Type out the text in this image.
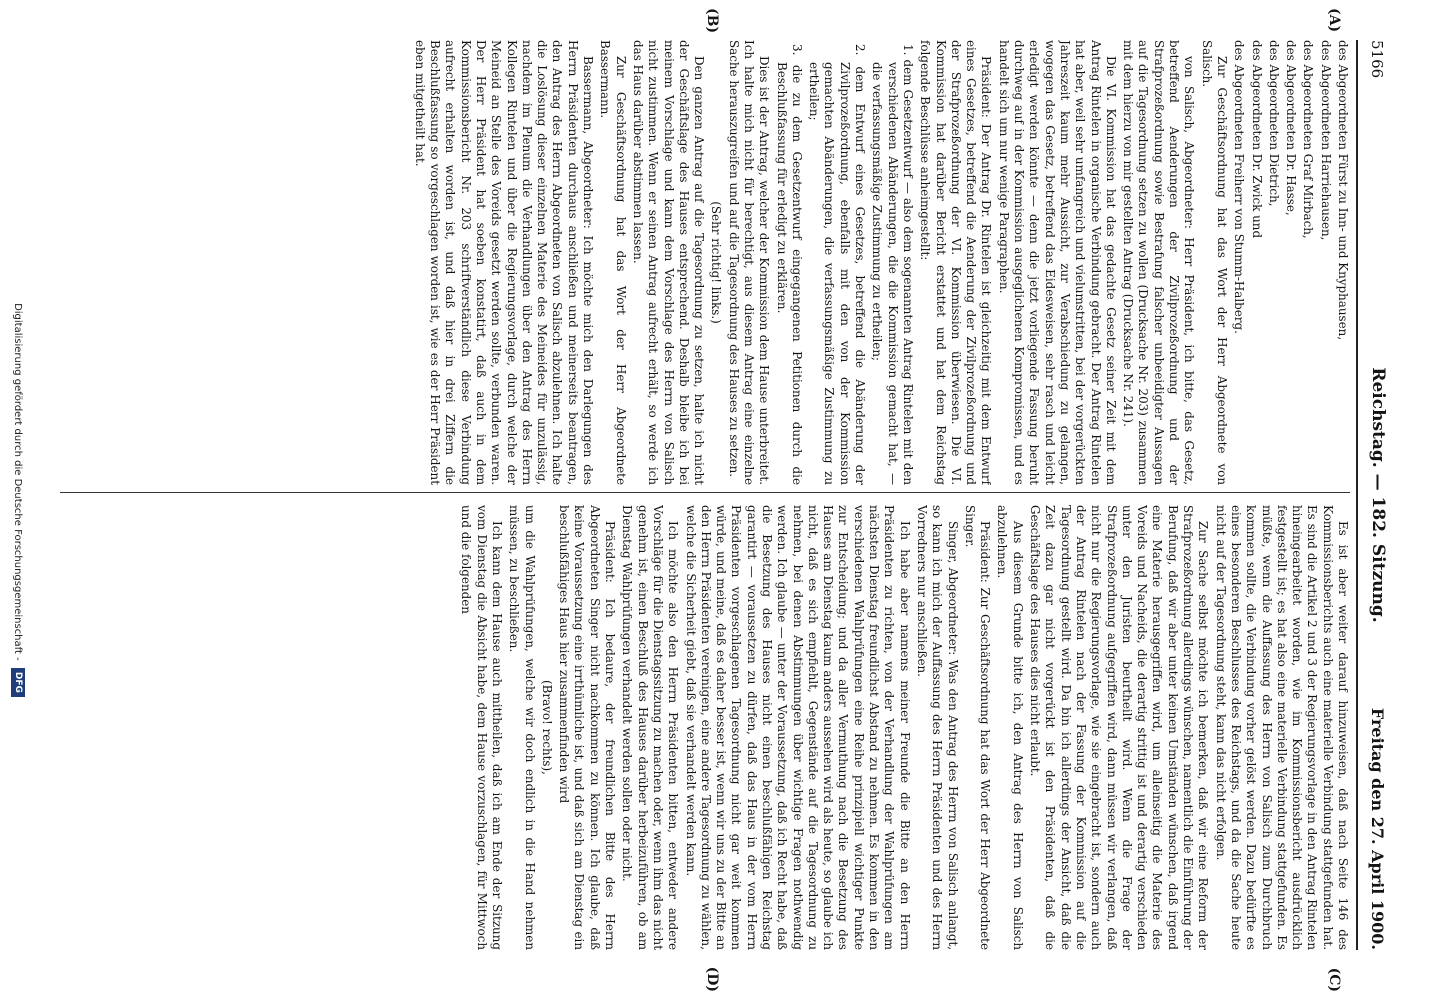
5166
Reichstag. — 182. Sitzung.
Freitag den 27. April 1900.
(A)
(B)
(C)
(D)

des Abgeordneten Fürst zu Inn- und Knyphausen,

des Abgeordneten Harriehausen,

des Abgeordneten Graf Mirbach,

des Abgeordneten Dr. Hasse,

des Abgeordneten Dietrich,

des Abgeordneten Dr. Zwick und

des Abgeordneten Freiherr von Stumm-Halberg.

Zur Geschäftsordnung hat das Wort der Herr Abgeordnete von Salisch.

von Salisch, Abgeordneter: Herr Präsident, ich bitte, das Gesetz, betreffend Aenderungen der Zivilprozeßordnung und der Strafprozeßordnung sowie Bestrafung falscher unbeeidigter Aussagen auf die Tagesordnung setzen zu wollen (Drucksache Nr. 203) zusammen mit dem hierzu von mir gestellten Antrag (Drucksache Nr. 241).

Die VI. Kommission hat das gedachte Gesetz seiner Zeit mit dem Antrag Rintelen in organische Verbindung gebracht. Der Antrag Rintelen hat aber, weil sehr umfangreich und vielumstritten, bei der vorgerückten Jahreszeit kaum mehr Aussicht, zur Verabschiedung zu gelangen, wogegen das Gesetz, betreffend das Eidesweisen, sehr rasch und leicht erledigt werden könnte — denn die jetzt vorliegende Fassung beruht durchweg auf in der Kommission ausgeglichenen Kompromissen, und es handelt sich um nur wenige Paragraphen.

Präsident: Der Antrag Dr. Rintelen ist gleichzeitig mit dem Entwurf eines Gesetzes, betreffend die Aenderung der Zivilprozeßordnung und der Strafprozeßordnung der VI. Kommission überwiesen. Die VI. Kommission hat darüber Bericht erstattet und hat dem Reichstag folgende Beschlüsse anheimgestellt:

1. dem Gesetzentwurf — also dem sogenannten Antrag Rintelen mit den verschiedenen Abänderungen, die die Kommission gemacht hat, — die verfassungsmäßige Zustimmung zu ertheilen;

2. dem Entwurf eines Gesetzes, betreffend die Abänderung der Zivilprozeßordnung, ebenfalls mit den von der Kommission gemachten Abänderungen, die verfassungsmäßige Zustimmung zu ertheilen;

3. die zu dem Gesetzentwurf eingegangenen Petitionen durch die Beschlußfassung für erledigt zu erklären.

Dies ist der Antrag, welcher der Kommission dem Hause unterbreitet. Ich halte mich nicht für berechtigt, aus diesem Antrag eine einzelne Sache herauszugreifen und auf die Tagesordnung des Hauses zu setzen.

(Sehr richtig! links.)

Den ganzen Antrag auf die Tagesordnung zu setzen, halte ich nicht der Geschäftslage des Hauses entsprechend. Deshalb bleibe ich bei meinem Vorschlage und kann dem Vorschlage des Herrn von Salisch nicht zustimmen. Wenn er seinen Antrag aufrecht erhält, so werde ich das Haus darüber abstimmen lassen.

Zur Geschäftsordnung hat das Wort der Herr Abgeordnete Bassermann.

Bassermann, Abgeordneter: Ich möchte mich den Darlegungen des Herrn Präsidenten durchaus anschließen und meinerseits beantragen, den Antrag des Herrn Abgeordneten von Salisch abzulehnen. Ich halte die Loslösung dieser einzelnen Materie des Meineides für unzulässig, nachdem im Plenum die Verhandlungen über den Antrag des Herrn Kollegen Rintelen und über die Regierungsvorlage, durch welche der Meineid an Stelle des Voreids gesetzt werden sollte, verbunden waren. Der Herr Präsident hat soeben konstatirt, daß auch in dem Kommissionsbericht Nr. 203 schriftverständlich diese Verbindung aufrecht erhalten worden ist, und daß hier in drei Ziffern die Beschlußfassung so vorgeschlagen worden ist, wie es der Herr Präsident eben mitgetheilt hat.

Es ist aber weiter darauf hinzuweisen, daß nach Seite 146 des Kommissionsberichts auch eine materielle Verbindung stattgefunden hat. Es sind die Artikel 2 und 3 der Regierungsvorlage in den Antrag Rintelen hineingearbeitet worden, wie im Kommissionsbericht ausdrücklich festgestellt ist; es hat also eine materielle Verbindung stattgefunden. Es müßte, wenn die Auffassung des Herrn von Salisch zum Durchbruch kommen sollte, die Verbindung vorher gelöst werden. Dazu bedürfte es eines besonderen Beschlusses des Reichstags, und da die Sache heute nicht auf der Tagesordnung steht, kann das nicht erfolgen.

Zur Sache selbst möchte ich bemerken, daß wir eine Reform der Strafprozeßordnung allerdings wünschen, namentlich die Einführung der Berufung, daß wir aber unter keinen Umständen wünschen, daß irgend eine Materie herausgegriffen wird, um alleinseitig die Materie des Voreids und Nacheids, die derartig strittig ist und derartig verschieden unter den Juristen beurtheilt wird. Wenn die Frage der Strafprozeßordnung aufgegriffen wird, dann müssen wir verlangen, daß nicht nur die Regierungsvorlage, wie sie eingebracht ist, sondern auch der Antrag Rintelen nach der Fassung der Kommission auf die Tagesordnung gestellt wird. Da bin ich allerdings der Ansicht, daß die Zeit dazu gar nicht vorgerückt ist den Präsidenten, daß die Geschäftslage des Hauses dies nicht erlaubt.

Aus diesem Grunde bitte ich, den Antrag des Herrn von Salisch abzulehnen.

Präsident: Zur Geschäftsordnung hat das Wort der Herr Abgeordnete Singer.

Singer, Abgeordneter: Was den Antrag des Herrn von Salisch anlangt, so kann ich mich der Auffassung des Herrn Präsidenten und des Herrn Vorredners nur anschließen.

Ich habe aber namens meiner Freunde die Bitte an den Herrn Präsidenten zu richten, von der Verhandlung der Wahlprüfungen am nächsten Dienstag freundlichst Abstand zu nehmen. Es kommen in den verschiedenen Wahlprüfungen eine Reihe prinzipiell wichtiger Punkte zur Entscheidung; und da aller Vermuthung nach die Besetzung des Hauses am Dienstag kaum anders aussehen wird als heute, so glaube ich nicht, daß es sich empfiehlt, Gegenstände auf die Tagesordnung zu nehmen, bei denen Abstimmungen über wichtige Fragen nothwendig werden. Ich glaube — unter der Voraussetzung, daß ich Recht habe, daß die Besetzung des Hauses nicht einen beschlußfähigen Reichstag garantirt — voraussetzen zu dürfen, daß das Haus in der vom Herrn Präsidenten vorgeschlagenen Tagesordnung nicht gar weit kommen würde, und meine, daß es daher besser ist, wenn wir uns zu der Bitte an den Herrn Präsidenten vereinigen, eine andere Tagesordnung zu wählen, welche die Sicherheit giebt, daß sie verhandelt werden kann.

Ich möchte also den Herrn Präsidenten bitten, entweder andere Vorschläge für die Dienstagssitzung zu machen oder, wenn ihm das nicht genehm ist, einen Beschluß des Hauses darüber herbeizuführen, ob am Dienstag Wahlprüfungen verhandelt werden sollen oder nicht.

Präsident: Ich bedaure, der freundlichen Bitte des Herrn Abgeordneten Singer nicht nachkommen zu können. Ich glaube, daß keine Voraussetzung eine irrthümliche ist, und daß sich am Dienstag ein beschlußfähiges Haus hier zusammenfinden wird

(Bravo! rechts),

um die Wahlprüfungen, welche wir doch endlich in die Hand nehmen müssen, zu beschließen.

Ich kann dem Hause auch mittheilen, daß ich am Ende der Sitzung vom Dienstag die Absicht habe, dem Hause vorzuschlagen, für Mittwoch und die folgenden

Digitalisierung gefördert durch die Deutsche Forschungsgemeinschaft - DFG
